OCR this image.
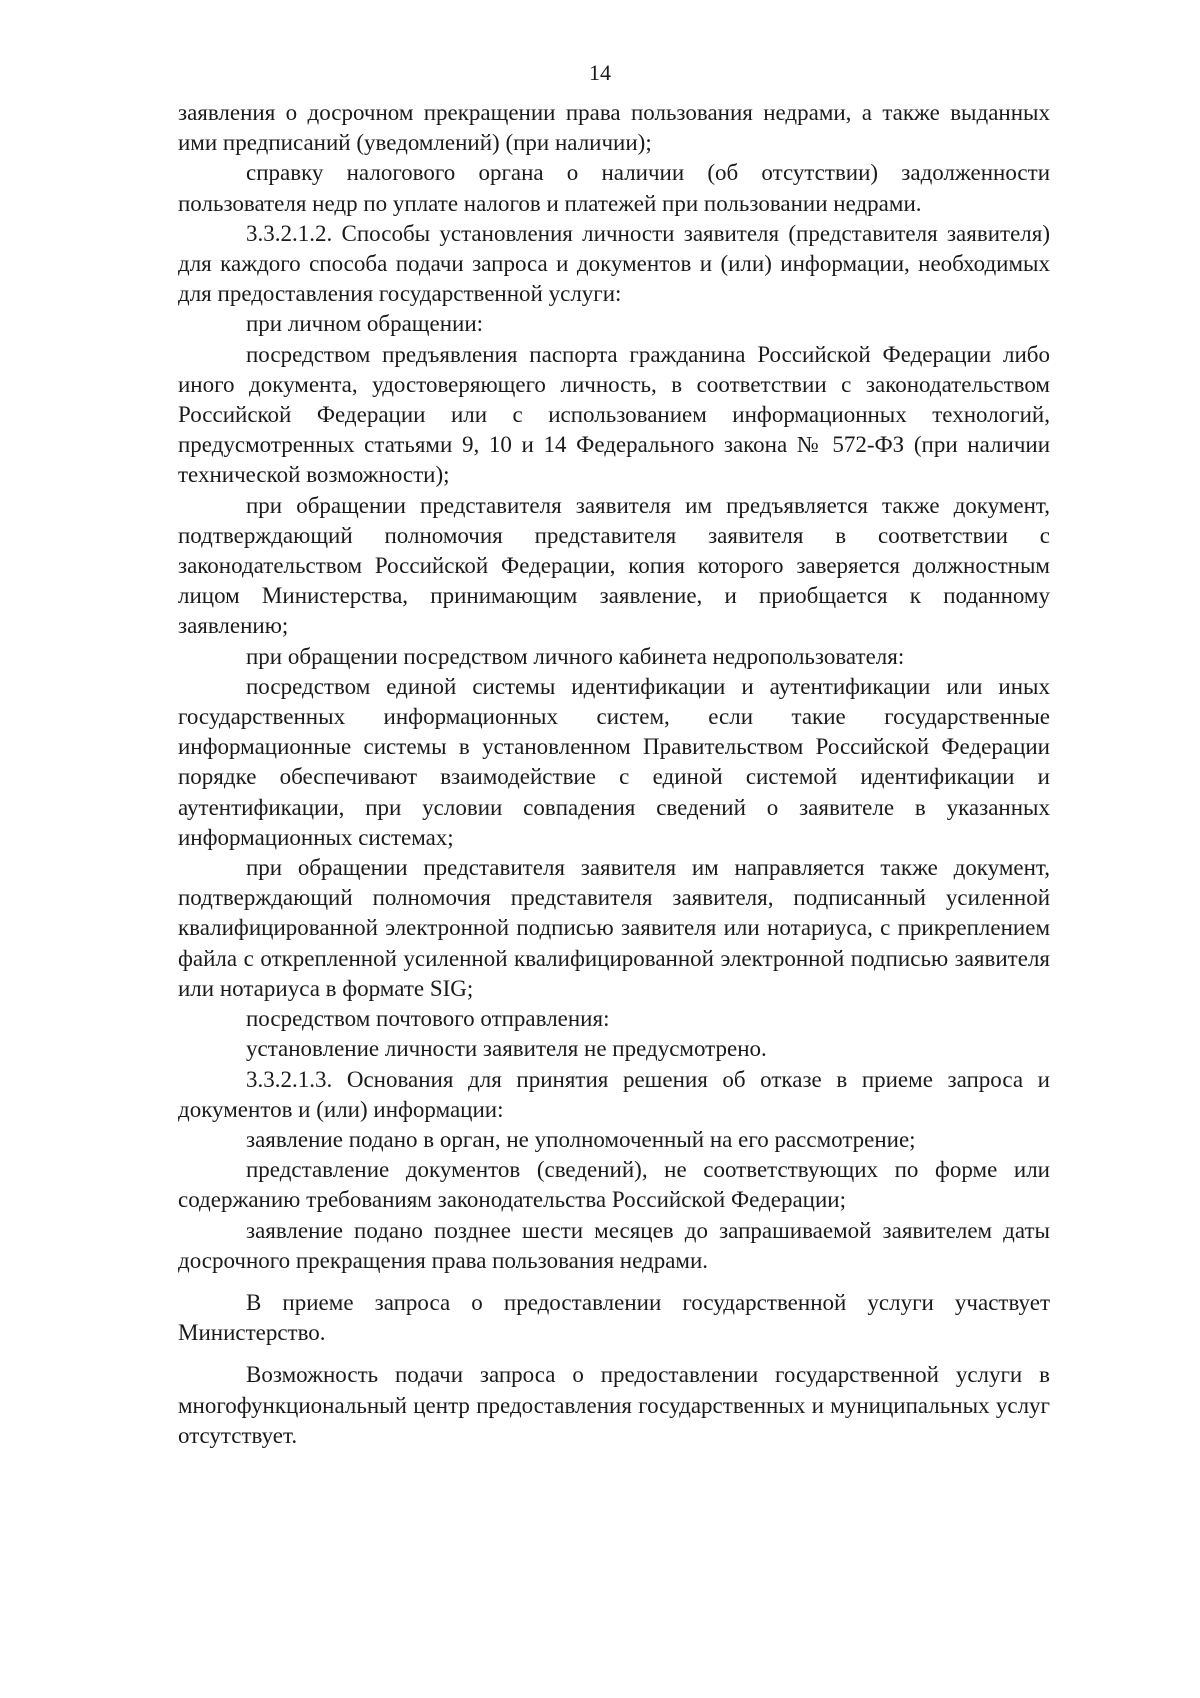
14

заявления о досрочном прекращении права пользования недрами, а также выданных ими предписаний (уведомлений) (при наличии);

справку налогового органа о наличии (об отсутствии) задолженности пользователя недр по уплате налогов и платежей при пользовании недрами.

3.3.2.1.2. Способы установления личности заявителя (представителя заявителя) для каждого способа подачи запроса и документов и (или) информации, необходимых для предоставления государственной услуги:

при личном обращении:

посредством предъявления паспорта гражданина Российской Федерации либо иного документа, удостоверяющего личность, в соответствии с законодательством Российской Федерации или с использованием информационных технологий, предусмотренных статьями 9, 10 и 14 Федерального закона № 572-ФЗ (при наличии технической возможности);

при обращении представителя заявителя им предъявляется также документ, подтверждающий полномочия представителя заявителя в соответствии с законодательством Российской Федерации, копия которого заверяется должностным лицом Министерства, принимающим заявление, и приобщается к поданному заявлению;

при обращении посредством личного кабинета недропользователя:

посредством единой системы идентификации и аутентификации или иных государственных информационных систем, если такие государственные информационные системы в установленном Правительством Российской Федерации порядке обеспечивают взаимодействие с единой системой идентификации и аутентификации, при условии совпадения сведений о заявителе в указанных информационных системах;

при обращении представителя заявителя им направляется также документ, подтверждающий полномочия представителя заявителя, подписанный усиленной квалифицированной электронной подписью заявителя или нотариуса, с прикреплением файла с открепленной усиленной квалифицированной электронной подписью заявителя или нотариуса в формате SIG;

посредством почтового отправления:

установление личности заявителя не предусмотрено.

3.3.2.1.3. Основания для принятия решения об отказе в приеме запроса и документов и (или) информации:

заявление подано в орган, не уполномоченный на его рассмотрение;

представление документов (сведений), не соответствующих по форме или содержанию требованиям законодательства Российской Федерации;

заявление подано позднее шести месяцев до запрашиваемой заявителем даты досрочного прекращения права пользования недрами.

В приеме запроса о предоставлении государственной услуги участвует Министерство.

Возможность подачи запроса о предоставлении государственной услуги в многофункциональный центр предоставления государственных и муниципальных услуг отсутствует.
